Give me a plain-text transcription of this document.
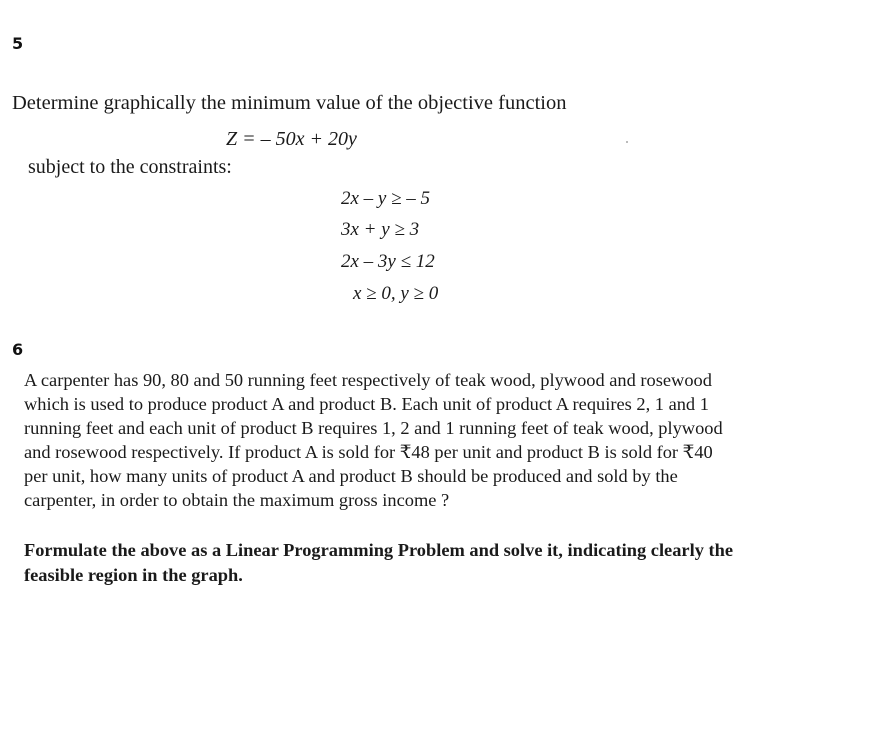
5
Determine graphically the minimum value of the objective function
Z = – 50x + 20y
subject to the constraints:
2x – y ≥ – 5
3x + y ≥ 3
2x – 3y ≤ 12
x ≥ 0, y ≥ 0
6
A carpenter has 90, 80 and 50 running feet respectively of teak wood, plywood and rosewood
which is used to produce product A and product B. Each unit of product A requires 2, 1 and 1
running feet and each unit of product B requires 1, 2 and 1 running feet of teak wood, plywood
and rosewood respectively. If product A is sold for ₹48 per unit and product B is sold for ₹40
per unit, how many units of product A and product B should be produced and sold by the
carpenter, in order to obtain the maximum gross income ?
Formulate the above as a Linear Programming Problem and solve it, indicating clearly the
feasible region in the graph.
